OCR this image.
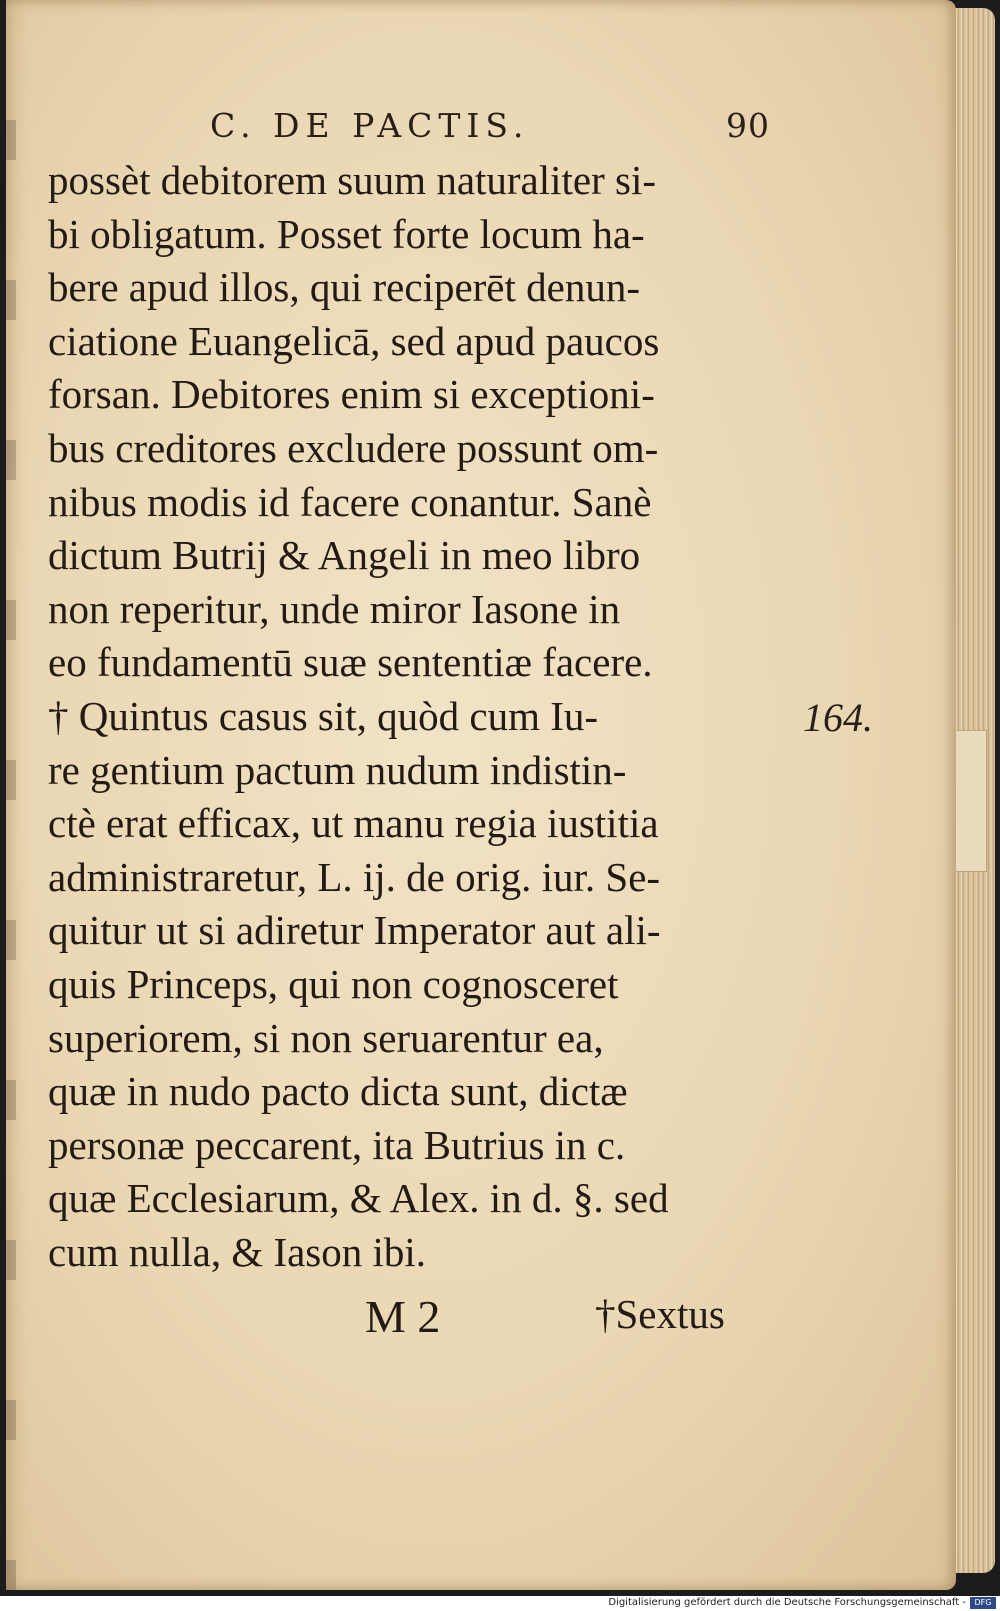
C. DE PACTIS.	90
possèt debitorem suum naturaliter si-
bi obligatum. Posset forte locum ha-
bere apud illos, qui reciperēt denun-
ciatione Euangelicā, sed apud paucos
forsan. Debitores enim si exceptioni-
bus creditores excludere possunt om-
nibus modis id facere conantur. Sanè
dictum Butrij & Angeli in meo libro
non reperitur, unde miror Iasone in
eo fundamentū suæ sententiæ facere.
† Quintus casus sit, quòd cum Iu-
re gentium pactum nudum indistin-
ctè erat efficax, ut manu regia iustitia
administraretur, L. ij. de orig. iur. Se-
quitur ut si adiretur Imperator aut ali-
quis Princeps, qui non cognosceret
superiorem, si non seruarentur ea,
quæ in nudo pacto dicta sunt, dictæ
personæ peccarent, ita Butrius in c.
quæ Ecclesiarum, & Alex. in d. §. sed
cum nulla, & Iason ibi.
164.
M 2	†Sextus
Digitalisierung gefördert durch die Deutsche Forschungsgemeinschaft -	DFG
